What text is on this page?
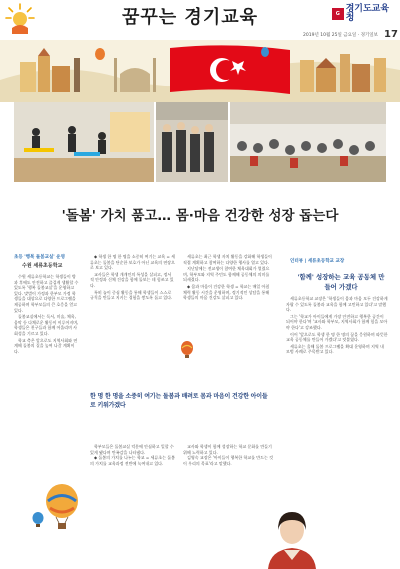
꿈꾸는 경기교육	G 경기도교육청
2019년 10월 25일 금요일 · 경기일보 17
'돌봄' 가치 품고… 몸·마음 건강한 성장 돕는다
초등 '행복 돌봄교실' 운영
수원 세류초등학교

수원 세류초등학교는 학생들이 방과 후에도 안전하고 즐겁게 생활할 수 있도록 '행복 돌봄교실'을 운영하고 있다. 맞벌이 가정과 한부모 가정 학생들을 대상으로 다양한 프로그램을 제공하며 학부모들의 큰 호응을 얻고 있다.

돌봄교실에서는 독서, 미술, 체육, 음악 등 다채로운 활동이 이루어지며, 학생들은 친구들과 함께 어울리며 사회성을 기르고 있다.

학교 측은 앞으로도 지역사회와 연계해 돌봄의 질을 높여 나갈 계획이다.

◆ 학생 한 명 한 명을 소중히 여기는 교육 = 세류초는 돌봄을 단순한 보호가 아닌 교육의 연장으로 보고 있다.

교사들은 학생 개개인의 특성을 살피고, 정서적 안정과 신체 건강을 함께 돌보는 데 힘쓰고 있다.

특히 놀이 중심 활동을 통해 학생들이 스스로 규칙을 만들고 지키는 경험을 쌓도록 돕고 있다.

세류초는 최근 학생 자치 활동을 강화해 학생들이 직접 계획하고 참여하는 다양한 행사를 열고 있다.

지난달에는 전교생이 참여한 체육대회가 열렸으며, 학부모와 지역 주민도 함께해 공동체의 의미를 되새겼다.

◆ 몸과 마음이 건강한 학생 = 학교는 매일 아침 체력 활동 시간을 운영하며, 정기적인 상담을 통해 학생들의 마음 건강도 살피고 있다.

한 명 한 명을 소중히 여기는 돌봄과 배려로 몸과 마음이 건강한 아이들로 키워가겠다

학부모들은 돌봄교실 덕분에 안심하고 일할 수 있게 됐다며 만족감을 나타냈다.

◆ 돌봄의 가치를 나누는 학교 = 세류초는 돌봄의 가치를 교육과정 전반에 녹여내고 있다.

교사와 학생이 함께 성장하는 학교 문화를 만들기 위해 노력하고 있다.

김영숙 교장은 '아이들이 행복한 학교를 만드는 것이 우리의 목표'라고 말했다.

인터뷰 | 세류초등학교 교장
'함께' 성장하는 교육 공동체 만들어 가겠다

세류초등학교 교장은 '학생들이 몸과 마음 모두 건강하게 자랄 수 있도록 돌봄과 교육을 함께 고민하고 있다'고 말했다.

그는 '학교가 아이들에게 가장 안전하고 행복한 공간이 되어야 한다'며 '교사와 학부모, 지역사회가 함께 힘을 모아야 한다'고 강조했다.

이어 '앞으로도 학생 한 명 한 명의 꿈을 응원하며 따뜻한 교육 공동체를 만들어 가겠다'고 덧붙였다.

세류초는 올해 돌봄 프로그램을 확대 운영하며 지역 내 모범 사례로 주목받고 있다.
